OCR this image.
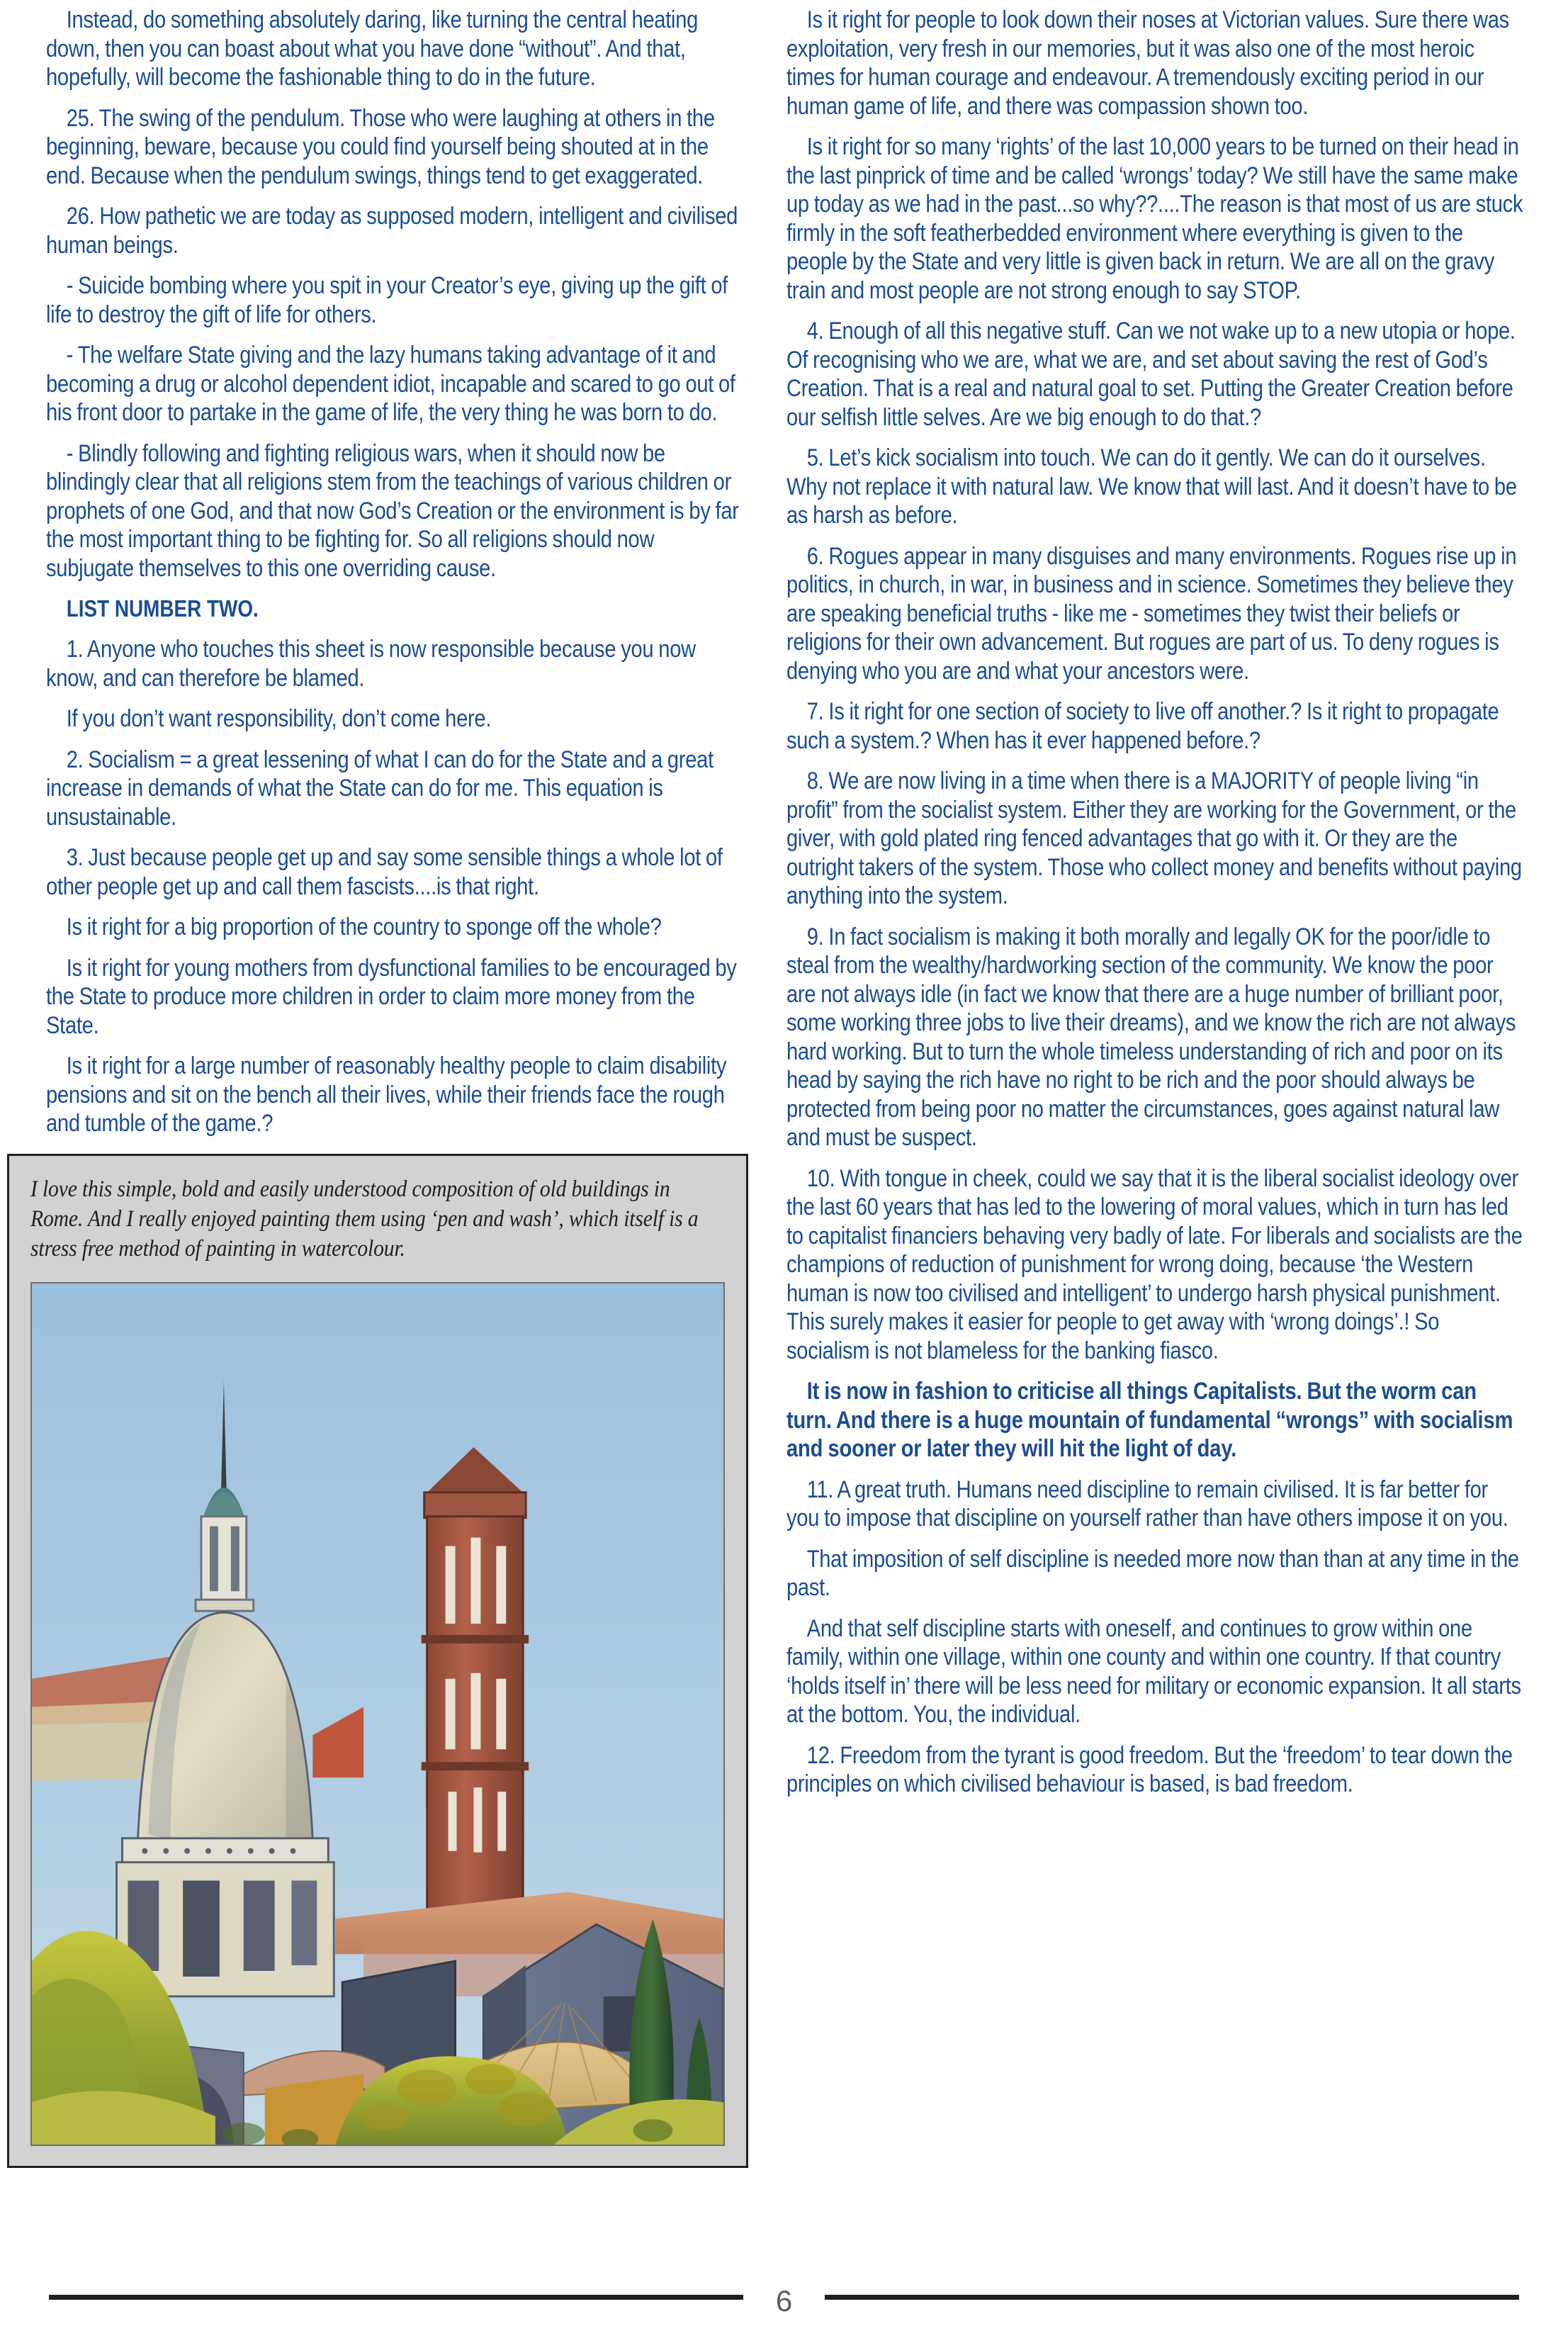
Instead, do something absolutely daring, like turning the central heating down, then you can boast about what you have done “without”. And that, hopefully, will become the fashionable thing to do in the future.

25. The swing of the pendulum. Those who were laughing at others in the beginning, beware, because you could find yourself being shouted at in the end. Because when the pendulum swings, things tend to get exaggerated.

26. How pathetic we are today as supposed modern, intelligent and civilised human beings.

- Suicide bombing where you spit in your Creator’s eye, giving up the gift of life to destroy the gift of life for others.

- The welfare State giving and the lazy humans taking advantage of it and becoming a drug or alcohol dependent idiot, incapable and scared to go out of his front door to partake in the game of life, the very thing he was born to do.

- Blindly following and fighting religious wars, when it should now be blindingly clear that all religions stem from the teachings of various children or prophets of one God, and that now God’s Creation or the environment is by far the most important thing to be fighting for. So all religions should now subjugate themselves to this one overriding cause.

LIST NUMBER TWO.

1. Anyone who touches this sheet is now responsible because you now know, and can therefore be blamed.

If you don’t want responsibility, don’t come here.

2. Socialism = a great lessening of what I can do for the State and a great increase in demands of what the State can do for me. This equation is unsustainable.

3. Just because people get up and say some sensible things a whole lot of other people get up and call them fascists....is that right.

Is it right for a big proportion of the country to sponge off the whole?

Is it right for young mothers from dysfunctional families to be encouraged by the State to produce more children in order to claim more money from the State.

Is it right for a large number of reasonably healthy people to claim disability pensions and sit on the bench all their lives, while their friends face the rough and tumble of the game.?

I love this simple, bold and easily understood composition of old buildings in Rome. And I really enjoyed painting them using ‘pen and wash’, which itself is a stress free method of painting in watercolour.

Is it right for people to look down their noses at Victorian values. Sure there was exploitation, very fresh in our memories, but it was also one of the most heroic times for human courage and endeavour. A tremendously exciting period in our human game of life, and there was compassion shown too.

Is it right for so many ‘rights’ of the last 10,000 years to be turned on their head in the last pinprick of time and be called ‘wrongs’ today? We still have the same make up today as we had in the past...so why??....The reason is that most of us are stuck firmly in the soft featherbedded environment where everything is given to the people by the State and very little is given back in return. We are all on the gravy train and most people are not strong enough to say STOP.

4. Enough of all this negative stuff. Can we not wake up to a new utopia or hope. Of recognising who we are, what we are, and set about saving the rest of God’s Creation. That is a real and natural goal to set. Putting the Greater Creation before our selfish little selves. Are we big enough to do that.?

5. Let’s kick socialism into touch. We can do it gently. We can do it ourselves. Why not replace it with natural law. We know that will last. And it doesn’t have to be as harsh as before.

6. Rogues appear in many disguises and many environments. Rogues rise up in politics, in church, in war, in business and in science. Sometimes they believe they are speaking beneficial truths - like me - sometimes they twist their beliefs or religions for their own advancement. But rogues are part of us. To deny rogues is denying who you are and what your ancestors were.

7. Is it right for one section of society to live off another.? Is it right to propagate such a system.? When has it ever happened before.?

8. We are now living in a time when there is a MAJORITY of people living “in profit” from the socialist system. Either they are working for the Government, or the giver, with gold plated ring fenced advantages that go with it. Or they are the outright takers of the system. Those who collect money and benefits without paying anything into the system.

9. In fact socialism is making it both morally and legally OK for the poor/idle to steal from the wealthy/hardworking section of the community. We know the poor are not always idle (in fact we know that there are a huge number of brilliant poor, some working three jobs to live their dreams), and we know the rich are not always hard working. But to turn the whole timeless understanding of rich and poor on its head by saying the rich have no right to be rich and the poor should always be protected from being poor no matter the circumstances, goes against natural law and must be suspect.

10. With tongue in cheek, could we say that it is the liberal socialist ideology over the last 60 years that has led to the lowering of moral values, which in turn has led to capitalist financiers behaving very badly of late. For liberals and socialists are the champions of reduction of punishment for wrong doing, because ‘the Western human is now too civilised and intelligent’ to undergo harsh physical punishment. This surely makes it easier for people to get away with ‘wrong doings’.! So socialism is not blameless for the banking fiasco.

It is now in fashion to criticise all things Capitalists. But the worm can turn. And there is a huge mountain of fundamental “wrongs” with socialism and sooner or later they will hit the light of day.

11. A great truth. Humans need discipline to remain civilised. It is far better for you to impose that discipline on yourself rather than have others impose it on you.

That imposition of self discipline is needed more now than than at any time in the past.

And that self discipline starts with oneself, and continues to grow within one family, within one village, within one county and within one country. If that country ‘holds itself in’ there will be less need for military or economic expansion. It all starts at the bottom. You, the individual.

12. Freedom from the tyrant is good freedom. But the ‘freedom’ to tear down the principles on which civilised behaviour is based, is bad freedom.

6
